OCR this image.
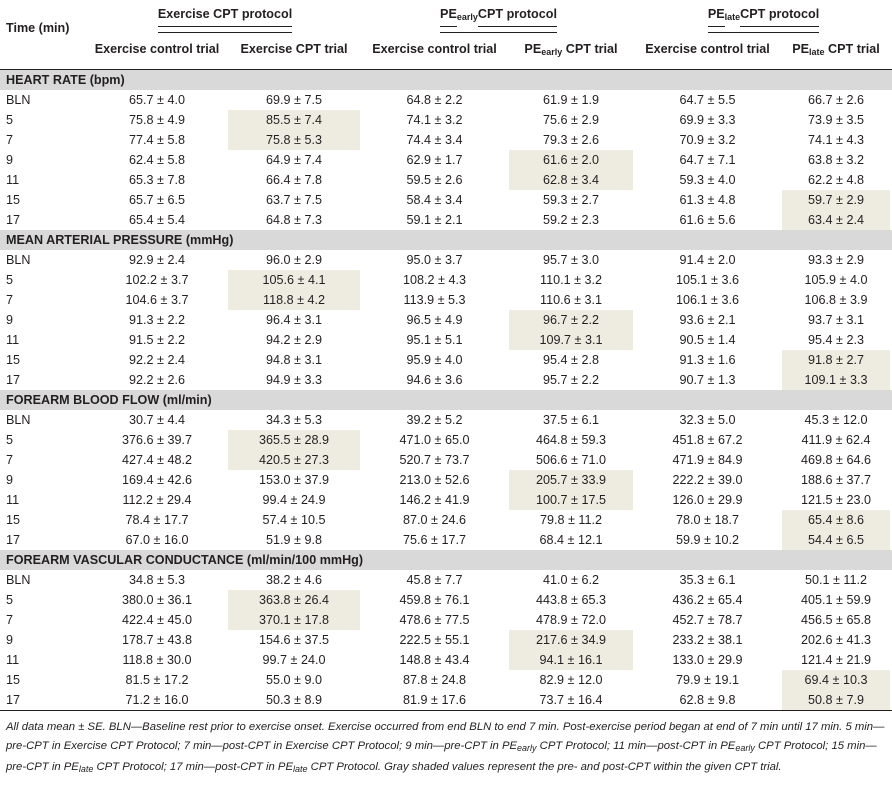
Time (min)	Exercise CPT protocol		$PE_{early}CPT$ protocol		$PE_{late}CPT$ protocol	
	Exercise control trial	Exercise CPT trial	Exercise control trial	$PE_{early}$ CPT trial	Exercise control trial	$PE_{late}$ CPT trial
HEART RATE (bpm)						
BLN	65.7 ± 4.0	69.9 ± 7.5	64.8 ± 2.2	61.9 ± 1.9	64.7 ± 5.5	66.7 ± 2.6
5	75.8 ± 4.9	85.5 ± 7.4	74.1 ± 3.2	75.6 ± 2.9	69.9 ± 3.3	73.9 ± 3.5
7	77.4 ± 5.8	75.8 ± 5.3	74.4 ± 3.4	79.3 ± 2.6	70.9 ± 3.2	74.1 ± 4.3
9	62.4 ± 5.8	64.9 ± 7.4	62.9 ± 1.7	61.6 ± 2.0	64.7 ± 7.1	63.8 ± 3.2
11	65.3 ± 7.8	66.4 ± 7.8	59.5 ± 2.6	62.8 ± 3.4	59.3 ± 4.0	62.2 ± 4.8
15	65.7 ± 6.5	63.7 ± 7.5	58.4 ± 3.4	59.3 ± 2.7	61.3 ± 4.8	59.7 ± 2.9

17	65.4 ± 5.4	64.8 ± 7.3	59.1 ± 2.1	59.2 ± 2.3	61.6 ± 5.6	63.4 ± 2.4

MEAN ARTERIAL PRESSURE (mmHg)						
BLN	92.9 ± 2.4	96.0 ± 2.9	95.0 ± 3.7	95.7 ± 3.0	91.4 ± 2.0	93.3 ± 2.9
5	102.2 ± 3.7	105.6 ± 4.1	108.2 ± 4.3	110.1 ± 3.2	105.1 ± 3.6	105.9 ± 4.0
7	104.6 ± 3.7	118.8 ± 4.2	113.9 ± 5.3	110.6 ± 3.1	106.1 ± 3.6	106.8 ± 3.9
9	91.3 ± 2.2	96.4 ± 3.1	96.5 ± 4.9	96.7 ± 2.2	93.6 ± 2.1	93.7 ± 3.1
11	91.5 ± 2.2	94.2 ± 2.9	95.1 ± 5.1	109.7 ± 3.1	90.5 ± 1.4	95.4 ± 2.3
15	92.2 ± 2.4	94.8 ± 3.1	95.9 ± 4.0	95.4 ± 2.8	91.3 ± 1.6	91.8 ± 2.7

17	92.2 ± 2.6	94.9 ± 3.3	94.6 ± 3.6	95.7 ± 2.2	90.7 ± 1.3	109.1 ± 3.3

FOREARM BLOOD FLOW (ml/min)						
BLN	30.7 ± 4.4	34.3 ± 5.3	39.2 ± 5.2	37.5 ± 6.1	32.3 ± 5.0	45.3 ± 12.0
5	376.6 ± 39.7	365.5 ± 28.9	471.0 ± 65.0	464.8 ± 59.3	451.8 ± 67.2	411.9 ± 62.4
7	427.4 ± 48.2	420.5 ± 27.3	520.7 ± 73.7	506.6 ± 71.0	471.9 ± 84.9	469.8 ± 64.6
9	169.4 ± 42.6	153.0 ± 37.9	213.0 ± 52.6	205.7 ± 33.9	222.2 ± 39.0	188.6 ± 37.7
11	112.2 ± 29.4	99.4 ± 24.9	146.2 ± 41.9	100.7 ± 17.5	126.0 ± 29.9	121.5 ± 23.0
15	78.4 ± 17.7	57.4 ± 10.5	87.0 ± 24.6	79.8 ± 11.2	78.0 ± 18.7	65.4 ± 8.6

17	67.0 ± 16.0	51.9 ± 9.8	75.6 ± 17.7	68.4 ± 12.1	59.9 ± 10.2	54.4 ± 6.5

FOREARM VASCULAR CONDUCTANCE (ml/min/100 mmHg)						
BLN	34.8 ± 5.3	38.2 ± 4.6	45.8 ± 7.7	41.0 ± 6.2	35.3 ± 6.1	50.1 ± 11.2
5	380.0 ± 36.1	363.8 ± 26.4	459.8 ± 76.1	443.8 ± 65.3	436.2 ± 65.4	405.1 ± 59.9
7	422.4 ± 45.0	370.1 ± 17.8	478.6 ± 77.5	478.9 ± 72.0	452.7 ± 78.7	456.5 ± 65.8
9	178.7 ± 43.8	154.6 ± 37.5	222.5 ± 55.1	217.6 ± 34.9	233.2 ± 38.1	202.6 ± 41.3
11	118.8 ± 30.0	99.7 ± 24.0	148.8 ± 43.4	94.1 ± 16.1	133.0 ± 29.9	121.4 ± 21.9
15	81.5 ± 17.2	55.0 ± 9.0	87.8 ± 24.8	82.9 ± 12.0	79.9 ± 19.1	69.4 ± 10.3

17	71.2 ± 16.0	50.3 ± 8.9	81.9 ± 17.6	73.7 ± 16.4	62.8 ± 9.8	50.8 ± 7.9
All data mean ± SE. BLN—Baseline rest prior to exercise onset. Exercise occurred from end BLN to end 7 min. Post-exercise period began at end of 7 min until 17 min. 5 min—pre-CPT in Exercise CPT Protocol; 7 min—post-CPT in Exercise CPT Protocol; 9 min—pre-CPT in $PE_{early}$ CPT Protocol; 11 min—post-CPT in $PE_{early}$ CPT Protocol; 15 min—pre-CPT in $PE_{late}$ CPT Protocol; 17 min—post-CPT in $PE_{late}$ CPT Protocol. Gray shaded values represent the pre- and post-CPT within the given CPT trial.
